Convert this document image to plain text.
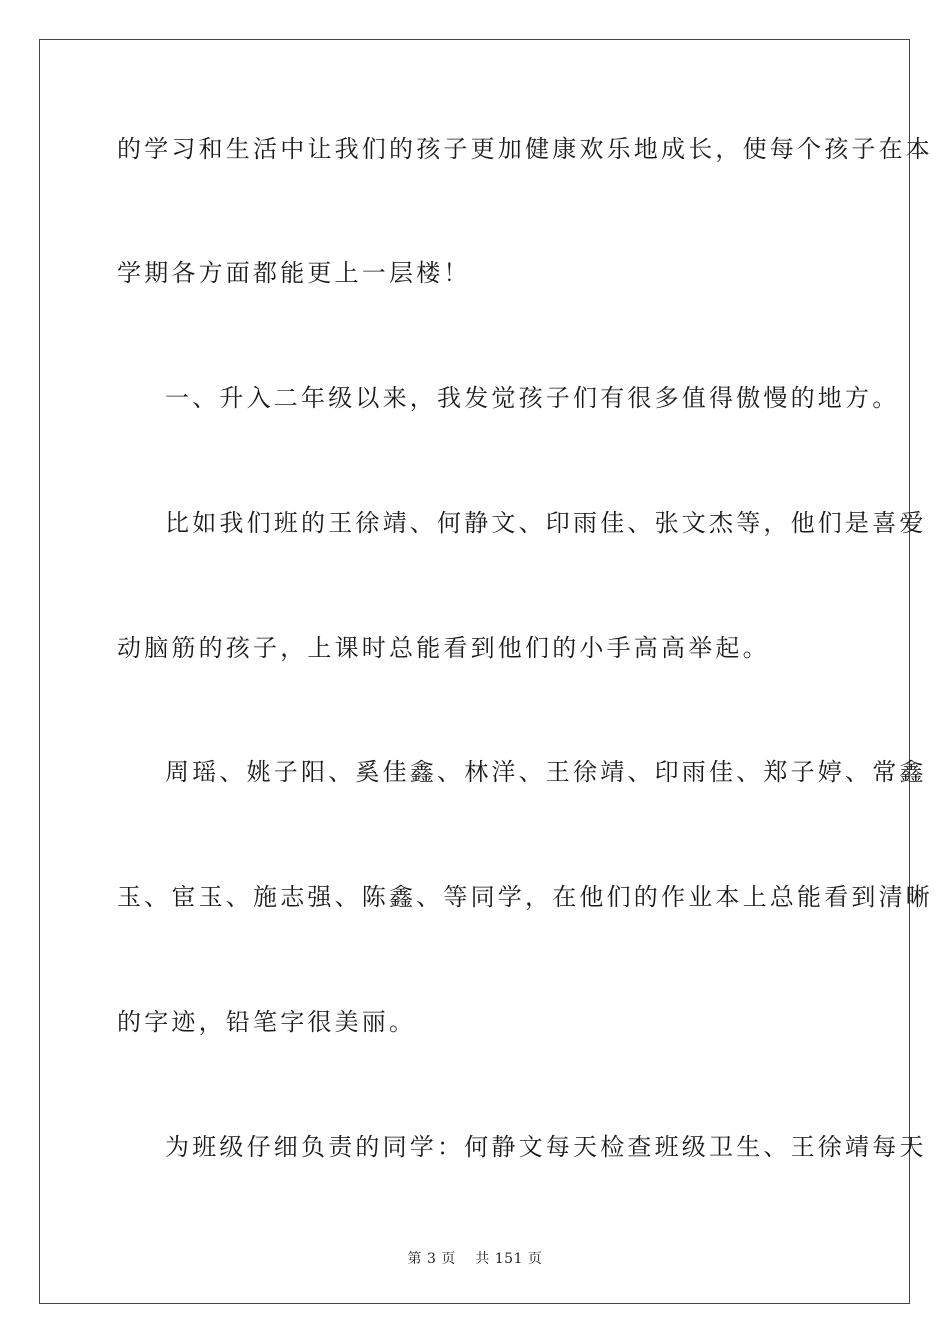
的学习和生活中让我们的孩子更加健康欢乐地成长，使每个孩子在本
学期各方面都能更上一层楼！
一、升入二年级以来，我发觉孩子们有很多值得傲慢的地方。
比如我们班的王徐靖、何静文、印雨佳、张文杰等，他们是喜爱
动脑筋的孩子，上课时总能看到他们的小手高高举起。
周瑶、姚子阳、奚佳鑫、林洋、王徐靖、印雨佳、郑子婷、常鑫
玉、宦玉、施志强、陈鑫、等同学，在他们的作业本上总能看到清晰
的字迹，铅笔字很美丽。
为班级仔细负责的同学：何静文每天检查班级卫生、王徐靖每天
第 3 页　 共 151 页
